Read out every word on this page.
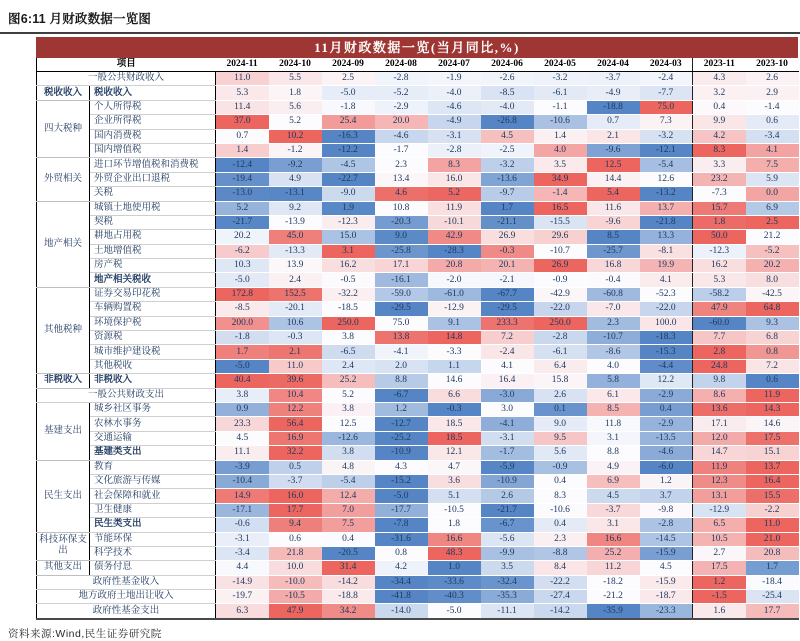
图6:11 月财政数据一览图
11月财政数据一览(当月同比,%)
项目		2024-11	2024-10	2024-09	2024-08	2024-07	2024-06	2024-05	2024-04	2024-03	2023-11	2023-10
一般公共财政收入		11.0	5.5	2.5	-2.8	-1.9	-2.6	-3.2	-3.7	-2.4	4.3	2.6
税收收入	税收收入	5.3	1.8	-5.0	-5.2	-4.0	-8.5	-6.1	-4.9	-7.7	3.2	2.9
四大税种	个人所得税	11.4	5.6	-1.8	-2.9	-4.6	-4.0	-1.1	-18.8	75.0	0.4	-1.4
	企业所得税	37.0	5.2	25.4	20.0	-4.9	-26.8	-10.6	0.7	7.3	9.9	0.6
	国内消费税	0.7	10.2	-16.3	-4.6	-3.1	4.5	1.4	2.1	-3.2	4.2	-3.4
	国内增值税	1.4	-1.2	-12.2	-1.7	-2.8	-2.5	4.0	-9.6	-12.1	8.3	4.1
外贸相关	进口环节增值税和消费税	-12.4	-9.2	-4.5	2.3	8.3	-3.2	3.5	12.5	-5.4	3.3	7.5
	外贸企业出口退税	-19.4	4.9	-22.7	13.4	16.0	-13.6	34.9	14.4	12.6	23.2	5.9
	关税	-13.0	-13.1	-9.0	4.6	5.2	-9.7	-1.4	5.4	-13.2	-7.3	0.0
地产相关	城镇土地使用税	5.2	9.2	1.9	10.8	11.9	1.7	16.5	11.6	13.7	15.7	6.9
	契税	-21.7	-13.9	-12.3	-20.3	-10.1	-21.1	-15.5	-9.6	-21.8	1.8	2.5
	耕地占用税	20.2	45.0	15.0	9.0	42.9	26.9	29.6	8.5	13.3	50.0	21.2
	土地增值税	-6.2	-13.3	3.1	-25.8	-28.3	-0.3	-10.7	-25.7	-8.1	-12.3	-5.2
	房产税	10.3	13.9	16.2	17.1	20.8	20.1	26.9	16.8	19.9	16.2	20.2
	地产相关税收	-5.0	2.4	-0.5	-16.1	-2.0	-2.1	-0.9	-0.4	4.1	5.3	8.0
其他税种	证券交易印花税	172.8	152.5	-32.2	-59.0	-61.0	-67.7	-42.9	-60.8	-52.3	-58.2	-42.5
	车辆购置税	-8.5	-20.1	-18.5	-29.5	-12.9	-29.5	-22.0	-7.0	-22.0	47.9	64.8
	环境保护税	200.0	10.6	250.0	75.0	9.1	233.3	250.0	2.3	100.0	-60.0	9.3
	资源税	-1.8	-0.3	3.8	13.8	14.8	7.2	-2.8	-10.7	-18.3	7.7	6.8
	城市维护建设税	1.7	2.1	-6.5	-4.1	-3.3	-2.4	-6.1	-8.6	-15.3	2.8	0.8
	其他税收	-5.0	11.0	2.4	2.0	1.1	4.1	6.4	4.0	-4.4	24.8	7.2
非税收入	非税收入	40.4	39.6	25.2	8.8	14.6	16.4	15.8	5.8	12.2	9.8	0.6
一般公共财政支出		3.8	10.4	5.2	-6.7	6.6	-3.0	2.6	6.1	-2.9	8.6	11.9
基建支出	城乡社区事务	0.9	12.2	3.8	1.2	-0.3	3.0	0.1	8.5	0.4	13.6	14.3
	农林水事务	23.3	56.4	12.5	-12.7	18.5	-4.1	9.0	11.8	-2.9	17.1	14.6
	交通运输	4.5	16.9	-12.6	-25.2	18.5	-3.1	9.5	3.1	-13.5	12.0	17.5
	基建类支出	11.1	32.2	3.8	-10.9	12.1	-1.7	5.6	8.8	-4.6	14.7	15.1
民生支出	教育	-3.9	0.5	4.8	4.3	4.7	-5.9	-0.9	4.9	-6.0	11.9	13.7
	文化旅游与传媒	-10.4	-3.7	-5.4	-15.2	3.6	-10.9	0.4	6.9	1.2	12.3	16.4
	社会保障和就业	14.9	16.0	12.4	-5.0	5.1	2.6	8.3	4.5	3.7	13.1	15.5
	卫生健康	-17.1	17.7	7.0	-17.7	-10.5	-21.7	-10.6	-3.7	-9.8	-12.9	-2.2
	民生类支出	-0.6	9.4	7.5	-7.8	1.8	-6.7	0.4	3.1	-2.8	6.5	11.0
科技环保支出	节能环保	-3.1	0.6	0.4	-31.6	16.6	-5.6	2.3	16.6	-14.5	10.5	21.0
	科学技术	-3.4	21.8	-20.5	0.8	48.3	-9.9	-8.8	25.2	-15.9	2.7	20.8
其他支出	债务付息	4.4	10.0	31.4	4.2	1.0	3.5	8.4	11.2	4.5	17.5	1.7
政府性基金收入		-14.9	-10.0	-14.2	-34.4	-33.6	-32.4	-22.2	-18.2	-15.9	1.2	-18.4
地方政府土地出让收入		-19.7	-10.5	-18.8	-41.8	-40.3	-35.3	-27.4	-21.2	-18.7	-1.5	-25.4
政府性基金支出		6.3	47.9	34.2	-14.0	-5.0	-11.1	-14.2	-35.9	-23.3	1.6	17.7
资料来源:Wind,民生证券研究院
